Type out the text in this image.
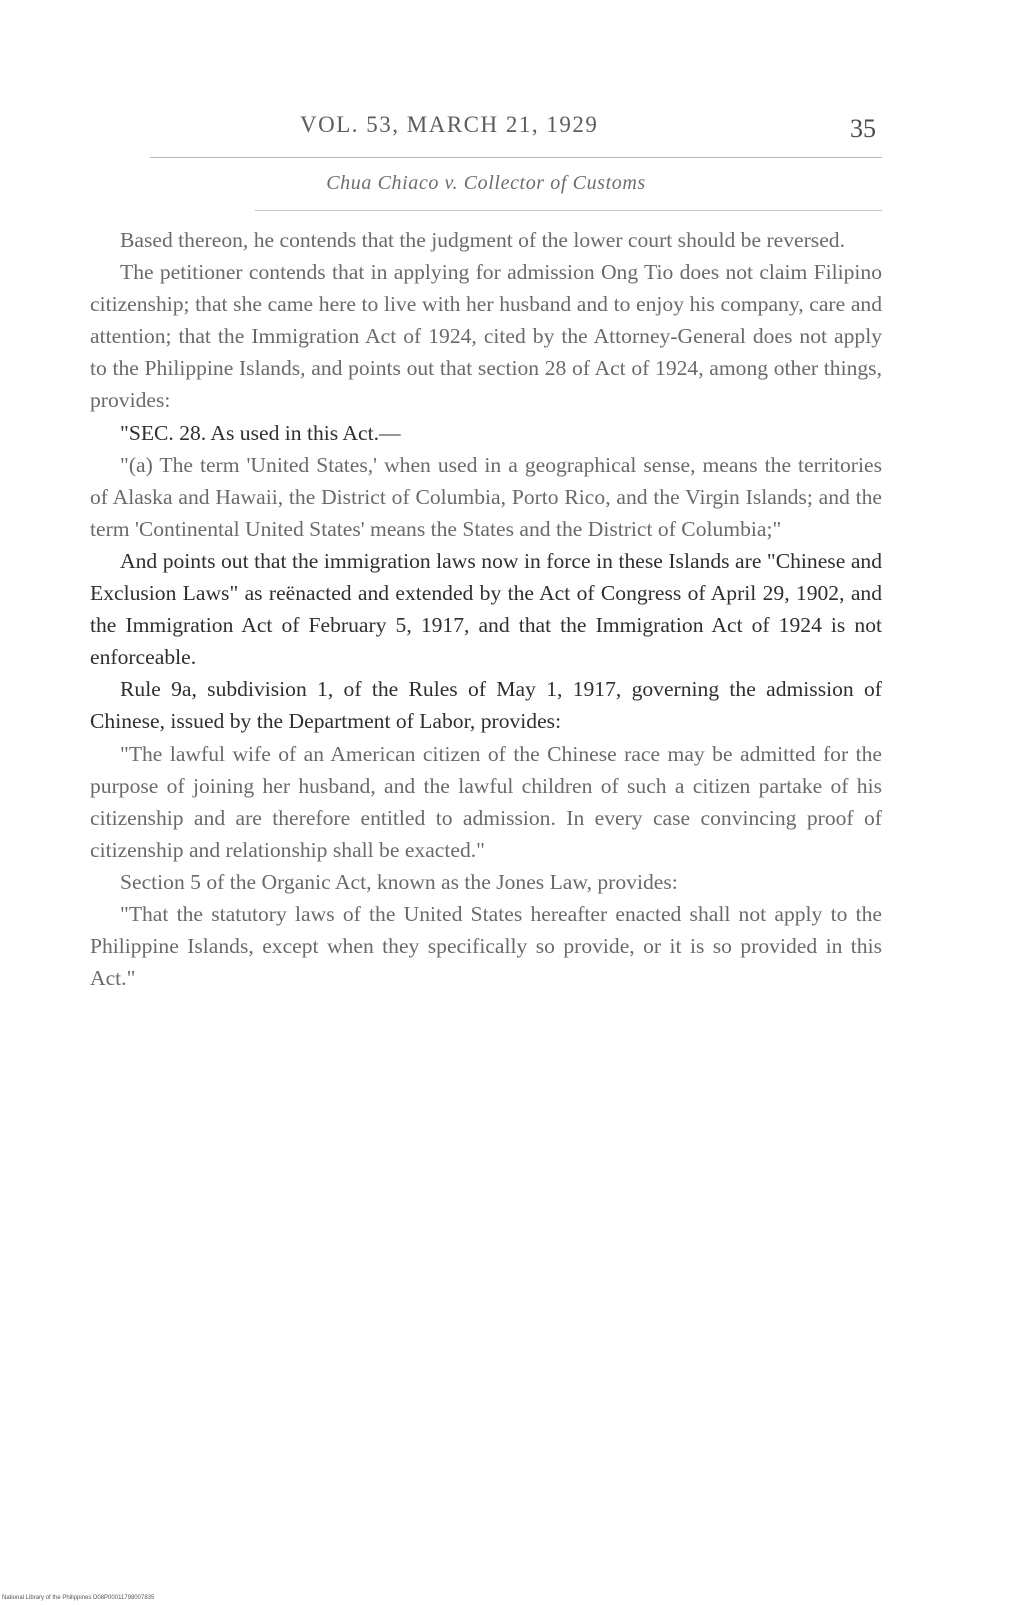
VOL. 53, MARCH 21, 1929	35
Chua Chiaco v. Collector of Customs

Based thereon, he contends that the judgment of the lower court should be reversed.

The petitioner contends that in applying for admission Ong Tio does not claim Filipino citizenship; that she came here to live with her husband and to enjoy his company, care and attention; that the Immigration Act of 1924, cited by the Attorney-General does not apply to the Philippine Islands, and points out that section 28 of Act of 1924, among other things, provides:

"SEC. 28. As used in this Act.—

"(a) The term 'United States,' when used in a geographical sense, means the territories of Alaska and Hawaii, the District of Columbia, Porto Rico, and the Virgin Islands; and the term 'Continental United States' means the States and the District of Columbia;"

And points out that the immigration laws now in force in these Islands are "Chinese and Exclusion Laws" as reënacted and extended by the Act of Congress of April 29, 1902, and the Immigration Act of February 5, 1917, and that the Immigration Act of 1924 is not enforceable.

Rule 9a, subdivision 1, of the Rules of May 1, 1917, governing the admission of Chinese, issued by the Department of Labor, provides:

"The lawful wife of an American citizen of the Chinese race may be admitted for the purpose of joining her husband, and the lawful children of such a citizen partake of his citizenship and are therefore entitled to admission. In every case convincing proof of citizenship and relationship shall be exacted."

Section 5 of the Organic Act, known as the Jones Law, provides:

"That the statutory laws of the United States hereafter enacted shall not apply to the Philippine Islands, except when they specifically so provide, or it is so provided in this Act."

National Library of the Philippines D08P00011798007835
